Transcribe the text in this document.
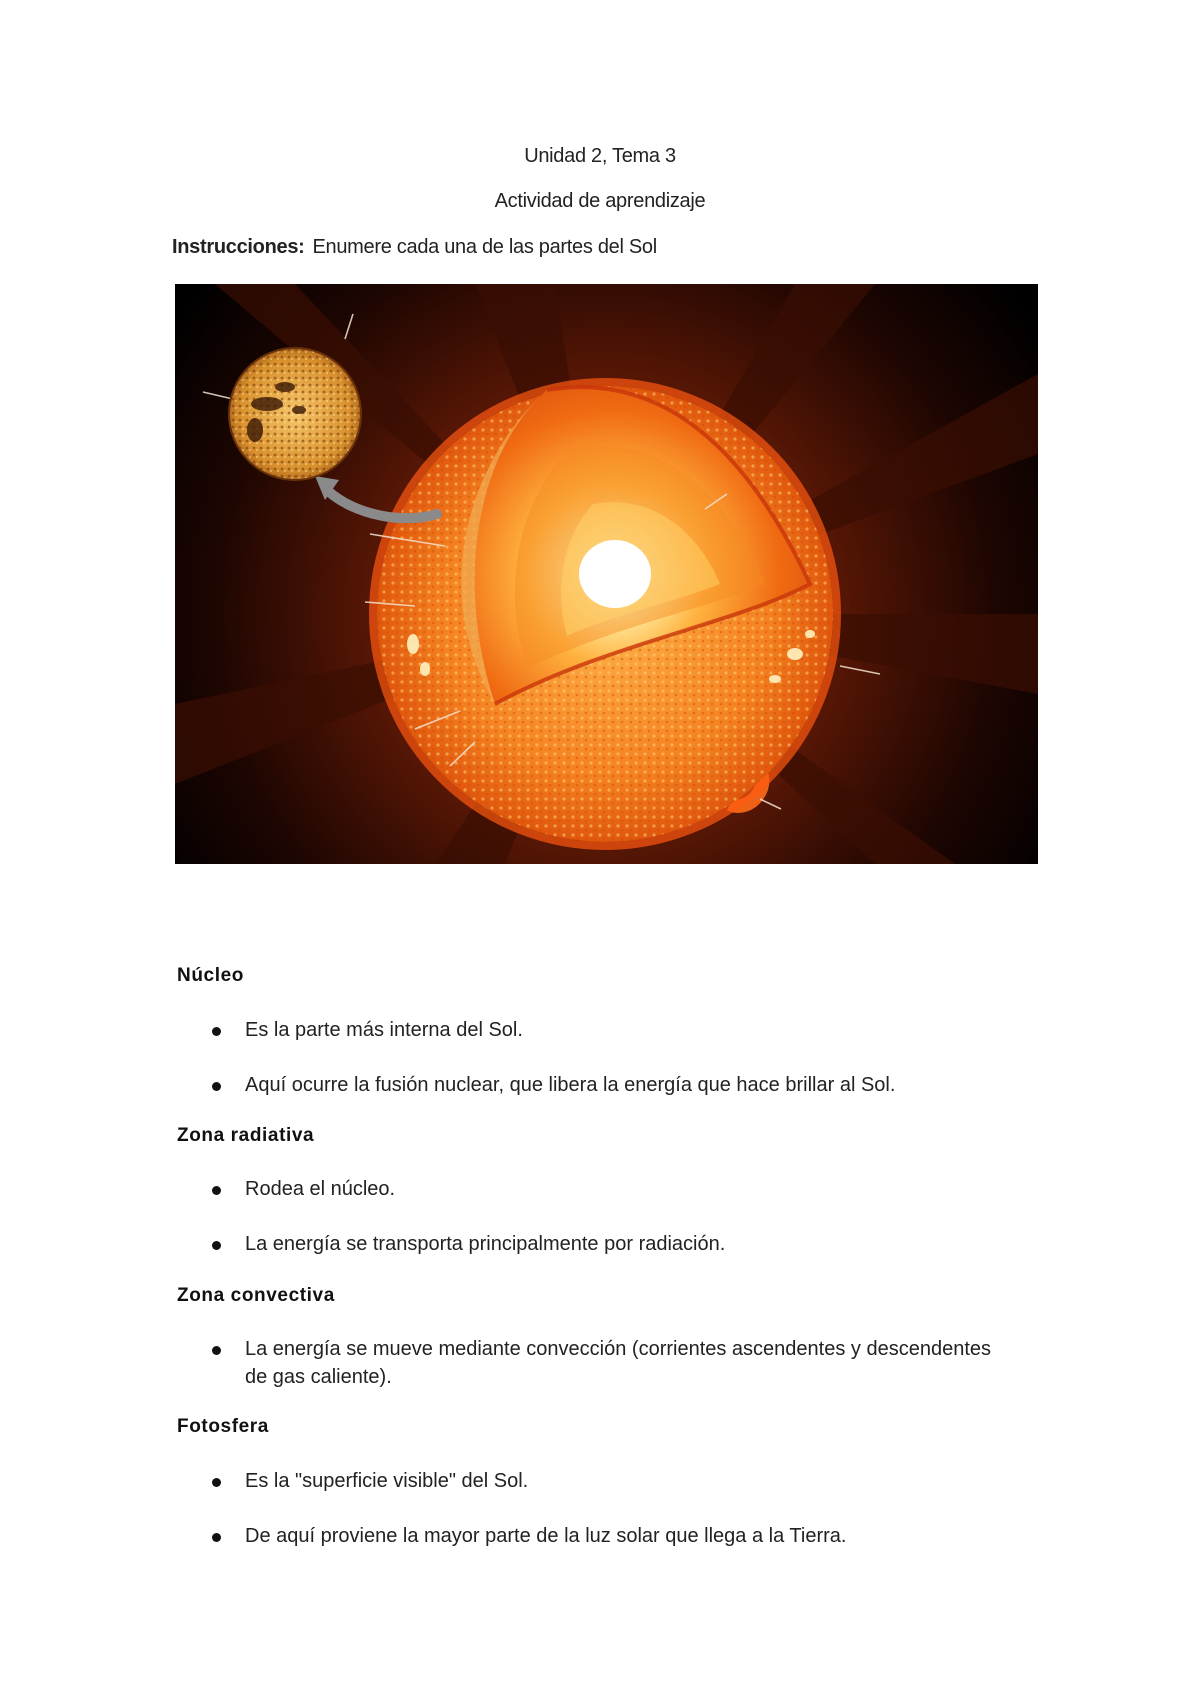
Unidad 2, Tema 3
Actividad de aprendizaje
Instrucciones: Enumere cada una de las partes del Sol
Núcleo
Es la parte más interna del Sol.
Aquí ocurre la fusión nuclear, que libera la energía que hace brillar al Sol.
Zona radiativa
Rodea el núcleo.
La energía se transporta principalmente por radiación.
Zona convectiva
La energía se mueve mediante convección (corrientes ascendentes y descendentes de gas caliente).
Fotosfera
Es la "superficie visible" del Sol.
De aquí proviene la mayor parte de la luz solar que llega a la Tierra.
